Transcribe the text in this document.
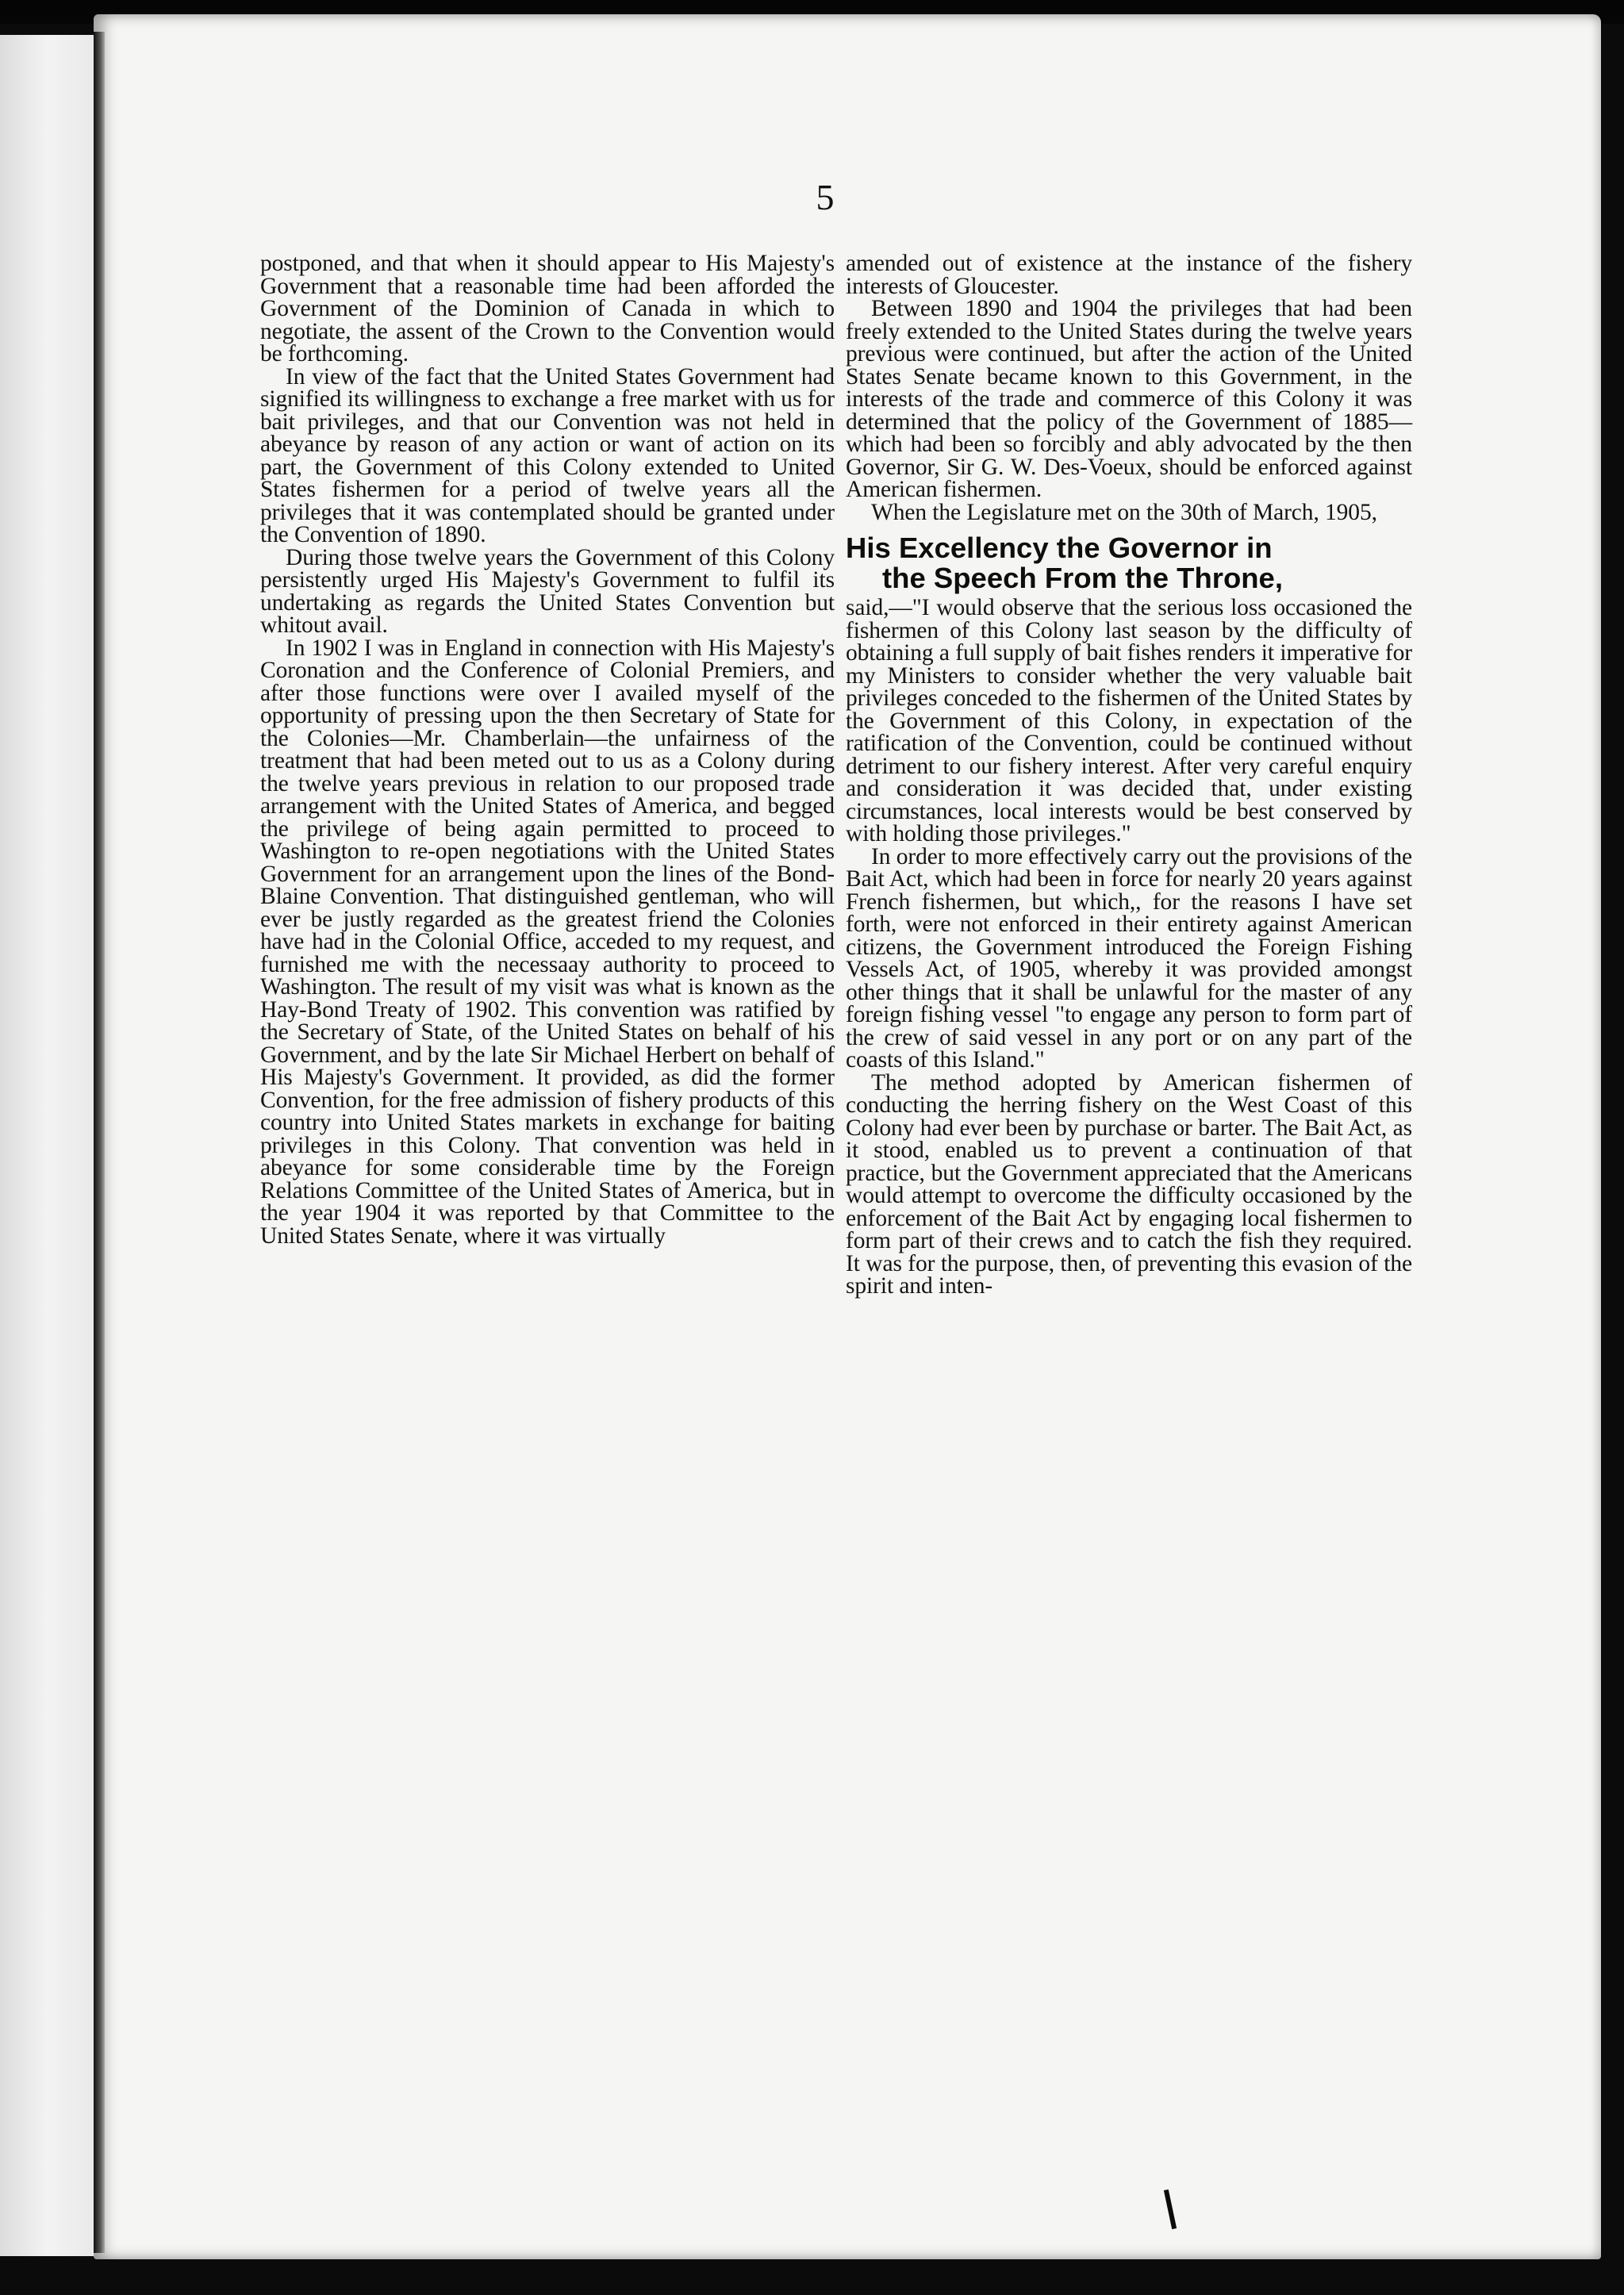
5

postponed, and that when it should appear to His Majesty's Government that a reasonable time had been afforded the Government of the Dominion of Canada in which to negotiate, the assent of the Crown to the Convention would be forthcoming.

In view of the fact that the United States Government had signified its willingness to exchange a free market with us for bait privileges, and that our Convention was not held in abeyance by reason of any action or want of action on its part, the Government of this Colony extended to United States fishermen for a period of twelve years all the privileges that it was contemplated should be granted under the Convention of 1890.

During those twelve years the Government of this Colony persistently urged His Majesty's Government to fulfil its undertaking as regards the United States Convention but whitout avail.

In 1902 I was in England in connection with His Majesty's Coronation and the Conference of Colonial Premiers, and after those functions were over I availed myself of the opportunity of pressing upon the then Secretary of State for the Colonies—Mr. Chamberlain—the unfairness of the treatment that had been meted out to us as a Colony during the twelve years previous in relation to our proposed trade arrangement with the United States of America, and begged the privilege of being again permitted to proceed to Washington to re-open negotiations with the United States Government for an arrangement upon the lines of the Bond-Blaine Convention. That distinguished gentleman, who will ever be justly regarded as the greatest friend the Colonies have had in the Colonial Office, acceded to my request, and furnished me with the necessaay authority to proceed to Washington. The result of my visit was what is known as the Hay-Bond Treaty of 1902. This convention was ratified by the Secretary of State, of the United States on behalf of his Government, and by the late Sir Michael Herbert on behalf of His Majesty's Government. It provided, as did the former Convention, for the free admission of fishery products of this country into United States markets in exchange for baiting privileges in this Colony. That convention was held in abeyance for some considerable time by the Foreign Relations Committee of the United States of America, but in the year 1904 it was reported by that Committee to the United States Senate, where it was virtually

amended out of existence at the instance of the fishery interests of Gloucester.

Between 1890 and 1904 the privileges that had been freely extended to the United States during the twelve years previous were continued, but after the action of the United States Senate became known to this Government, in the interests of the trade and commerce of this Colony it was determined that the policy of the Government of 1885—which had been so forcibly and ably advocated by the then Governor, Sir G. W. Des-Voeux, should be enforced against American fishermen.

When the Legislature met on the 30th of March, 1905,

His Excellency the Governor in
the Speech From the Throne,

said,—"I would observe that the serious loss occasioned the fishermen of this Colony last season by the difficulty of obtaining a full supply of bait fishes renders it imperative for my Ministers to consider whether the very valuable bait privileges conceded to the fishermen of the United States by the Government of this Colony, in expectation of the ratification of the Convention, could be continued without detriment to our fishery interest. After very careful enquiry and consideration it was decided that, under existing circumstances, local interests would be best conserved by with holding those privileges."

In order to more effectively carry out the provisions of the Bait Act, which had been in force for nearly 20 years against French fishermen, but which,, for the reasons I have set forth, were not enforced in their entirety against American citizens, the Government introduced the Foreign Fishing Vessels Act, of 1905, whereby it was provided amongst other things that it shall be unlawful for the master of any foreign fishing vessel "to engage any person to form part of the crew of said vessel in any port or on any part of the coasts of this Island."

The method adopted by American fishermen of conducting the herring fishery on the West Coast of this Colony had ever been by purchase or barter. The Bait Act, as it stood, enabled us to prevent a continuation of that practice, but the Government appreciated that the Americans would attempt to overcome the difficulty occasioned by the enforcement of the Bait Act by engaging local fishermen to form part of their crews and to catch the fish they required. It was for the purpose, then, of preventing this evasion of the spirit and inten-
